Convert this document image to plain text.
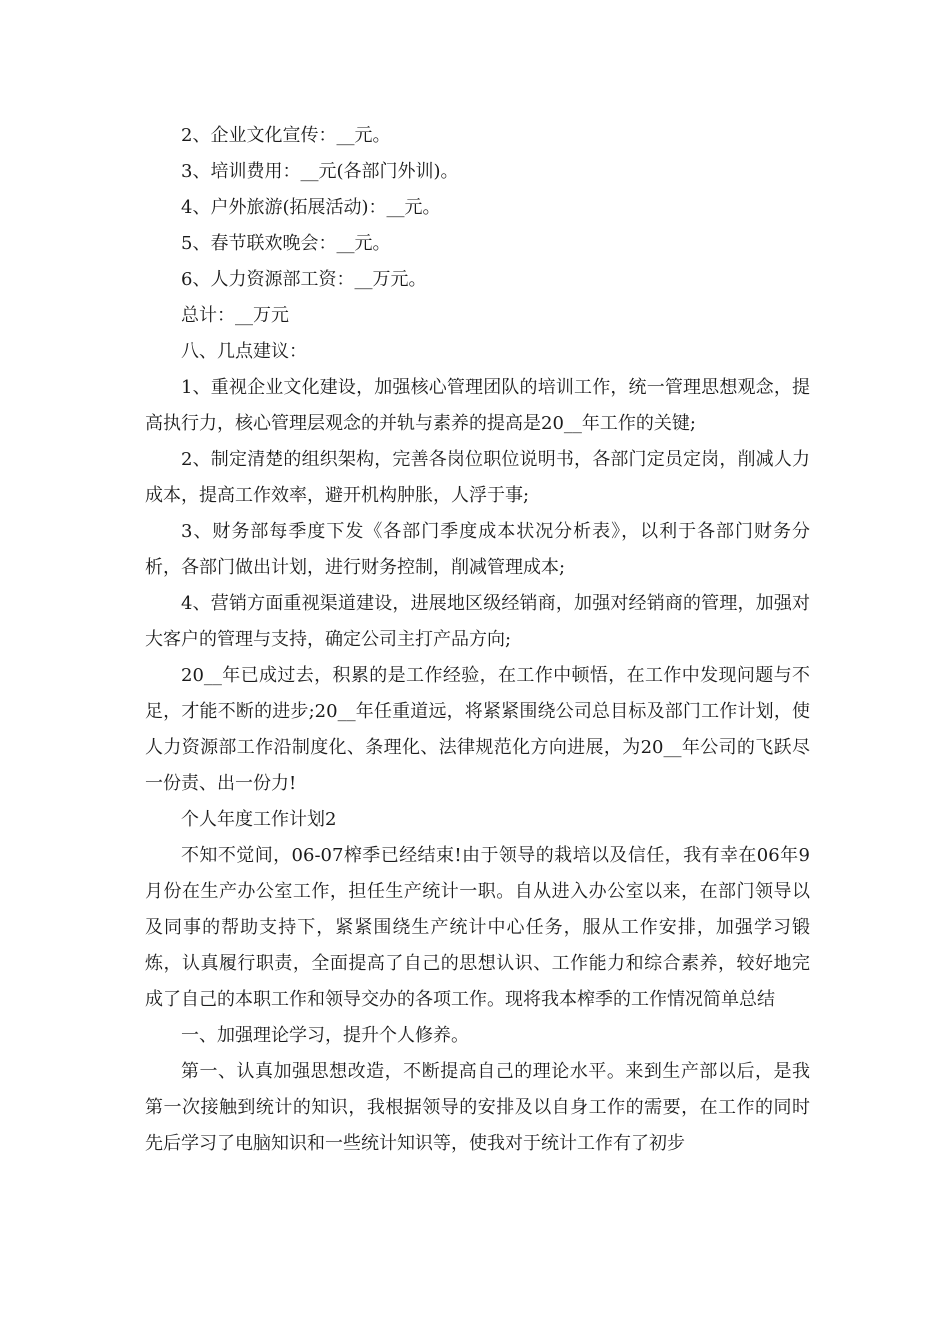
2、企业文化宣传：__元。

3、培训费用：__元(各部门外训)。

4、户外旅游(拓展活动)：__元。

5、春节联欢晚会：__元。

6、人力资源部工资：__万元。

总计：__万元

八、几点建议：

1、重视企业文化建设，加强核心管理团队的培训工作，统一管理思想观念，提高执行力，核心管理层观念的并轨与素养的提高是20__年工作的关键;

2、制定清楚的组织架构，完善各岗位职位说明书，各部门定员定岗，削减人力成本，提高工作效率，避开机构肿胀，人浮于事;

3、财务部每季度下发《各部门季度成本状况分析表》，以利于各部门财务分析，各部门做出计划，进行财务控制，削减管理成本;

4、营销方面重视渠道建设，进展地区级经销商，加强对经销商的管理，加强对大客户的管理与支持，确定公司主打产品方向;

20__年已成过去，积累的是工作经验，在工作中顿悟，在工作中发现问题与不足，才能不断的进步;20__年任重道远，将紧紧围绕公司总目标及部门工作计划，使人力资源部工作沿制度化、条理化、法律规范化方向进展，为20__年公司的飞跃尽一份责、出一份力!

个人年度工作计划2

不知不觉间，06-07榨季已经结束!由于领导的栽培以及信任，我有幸在06年9月份在生产办公室工作，担任生产统计一职。自从进入办公室以来，在部门领导以及同事的帮助支持下，紧紧围绕生产统计中心任务，服从工作安排，加强学习锻炼，认真履行职责，全面提高了自己的思想认识、工作能力和综合素养，较好地完成了自己的本职工作和领导交办的各项工作。现将我本榨季的工作情况简单总结

一、加强理论学习，提升个人修养。

第一、认真加强思想改造，不断提高自己的理论水平。来到生产部以后，是我第一次接触到统计的知识，我根据领导的安排及以自身工作的需要，在工作的同时先后学习了电脑知识和一些统计知识等，使我对于统计工作有了初步
